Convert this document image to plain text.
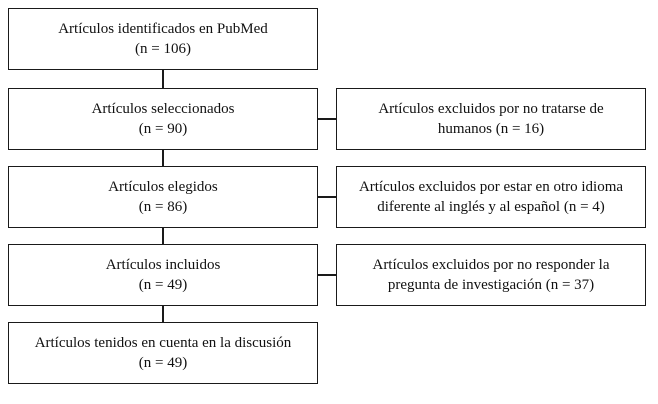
Artículos identificados en PubMed
(n = 106)
Artículos seleccionados
(n = 90)
Artículos elegidos
(n = 86)
Artículos incluidos
(n = 49)
Artículos tenidos en cuenta en la discusión
(n = 49)
Artículos excluidos por no tratarse de
humanos (n = 16)
Artículos excluidos por estar en otro idioma
diferente al inglés y al español (n = 4)
Artículos excluidos por no responder la
pregunta de investigación (n = 37)
